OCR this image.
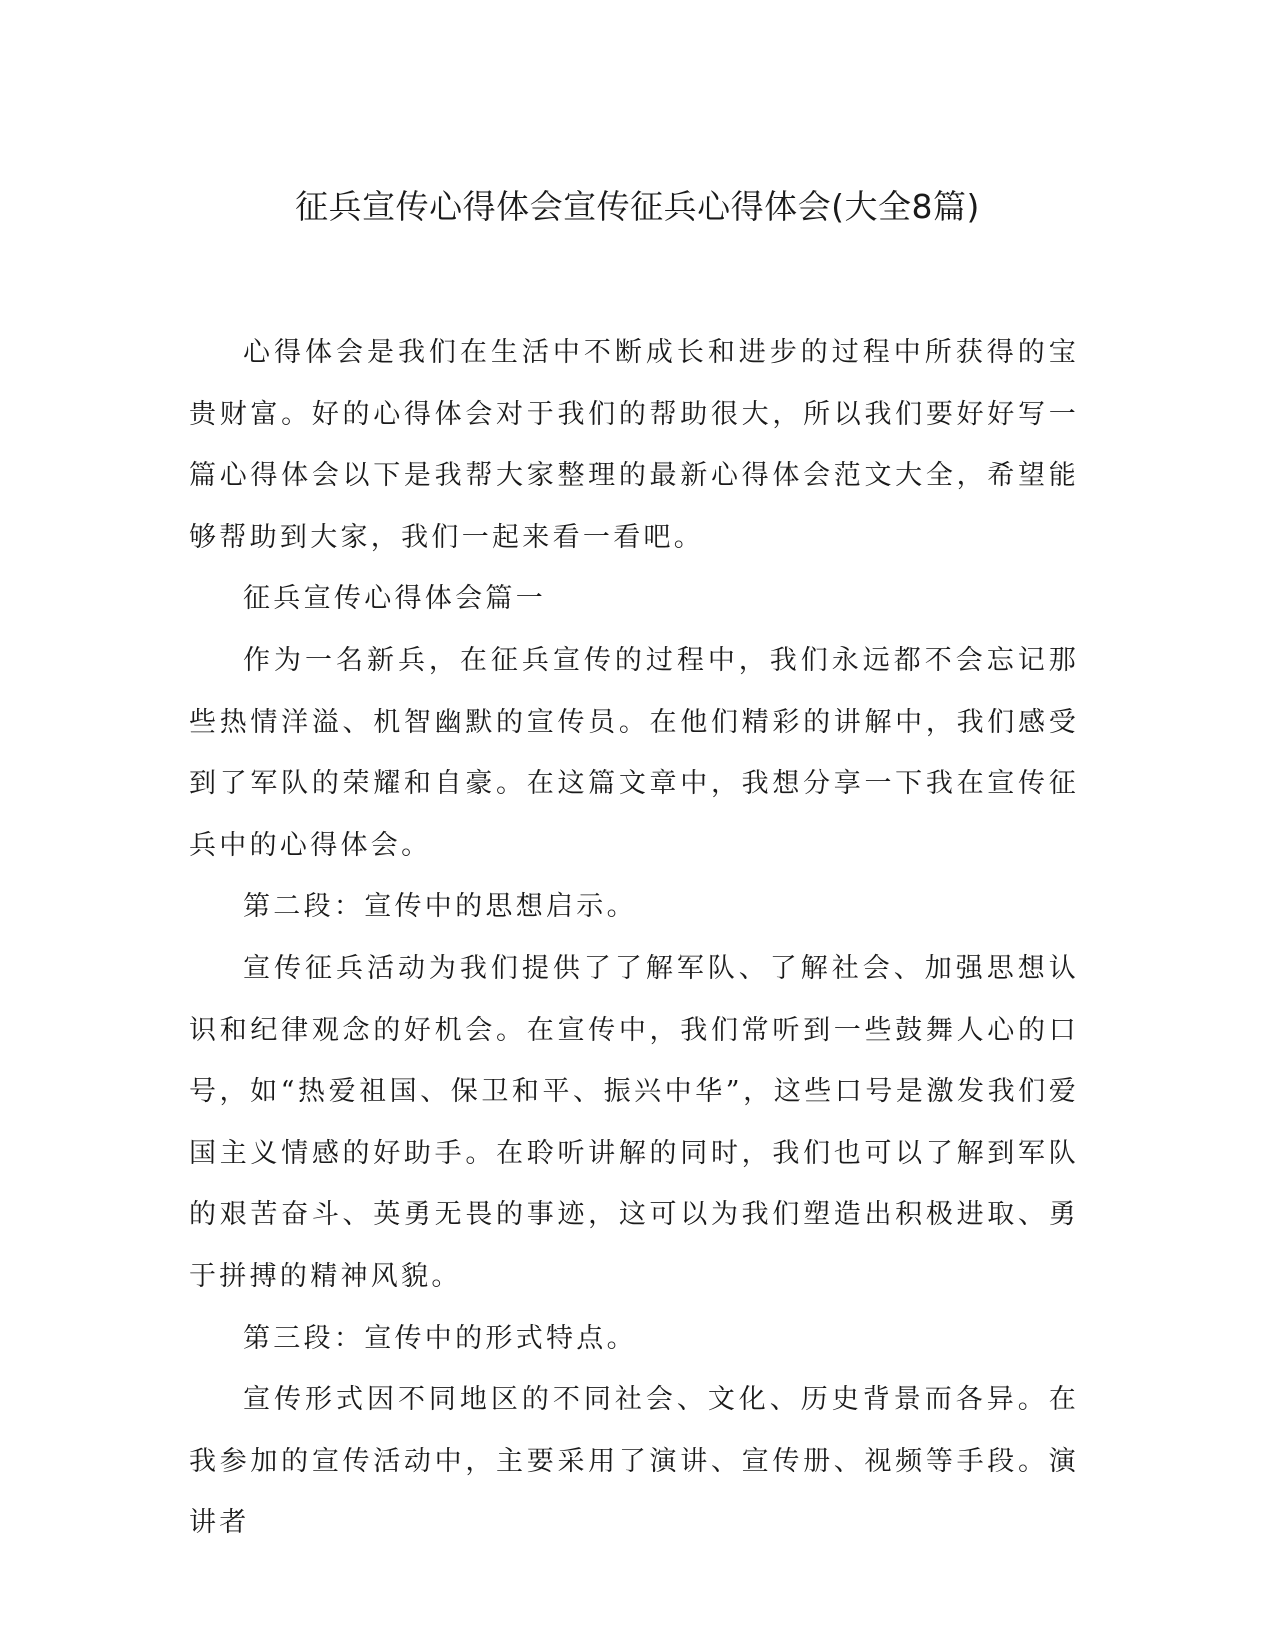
征兵宣传心得体会宣传征兵心得体会(大全8篇)

心得体会是我们在生活中不断成长和进步的过程中所获得的宝贵财富。好的心得体会对于我们的帮助很大，所以我们要好好写一篇心得体会以下是我帮大家整理的最新心得体会范文大全，希望能够帮助到大家，我们一起来看一看吧。

征兵宣传心得体会篇一

作为一名新兵，在征兵宣传的过程中，我们永远都不会忘记那些热情洋溢、机智幽默的宣传员。在他们精彩的讲解中，我们感受到了军队的荣耀和自豪。在这篇文章中，我想分享一下我在宣传征兵中的心得体会。

第二段：宣传中的思想启示。

宣传征兵活动为我们提供了了解军队、了解社会、加强思想认识和纪律观念的好机会。在宣传中，我们常听到一些鼓舞人心的口号，如“热爱祖国、保卫和平、振兴中华”，这些口号是激发我们爱国主义情感的好助手。在聆听讲解的同时，我们也可以了解到军队的艰苦奋斗、英勇无畏的事迹，这可以为我们塑造出积极进取、勇于拼搏的精神风貌。

第三段：宣传中的形式特点。

宣传形式因不同地区的不同社会、文化、历史背景而各异。在我参加的宣传活动中，主要采用了演讲、宣传册、视频等手段。演讲者
